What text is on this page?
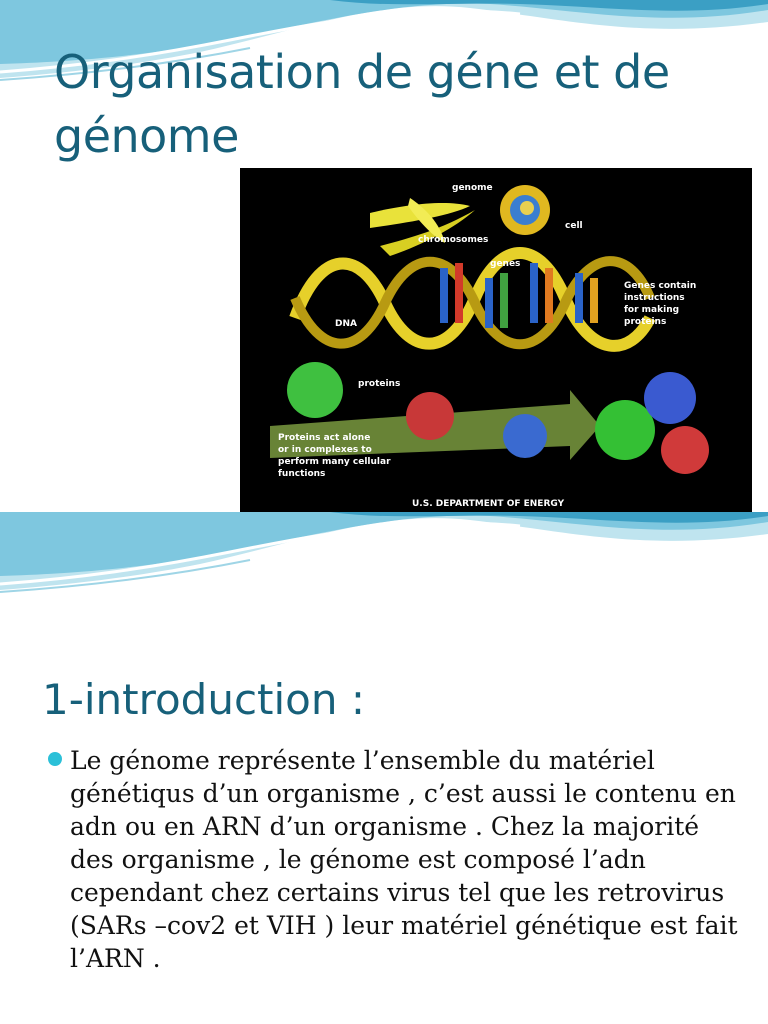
Organisation de géne et de génome
genome
cell
chromosomes
genes
DNA
proteins
U.S. DEPARTMENT OF ENERGY
Genes contain instructions for making proteins
Proteins act alone or in complexes to perform many cellular functions
1-introduction :

Le génome représente l’ensemble du matériel génétiqus d’un organisme , c’est aussi le contenu en adn ou en ARN d’un organisme . Chez la majorité des organisme , le génome est composé l’adn cependant chez certains virus tel que les retrovirus (SARs –cov2 et VIH ) leur matériel génétique est fait l’ARN .
